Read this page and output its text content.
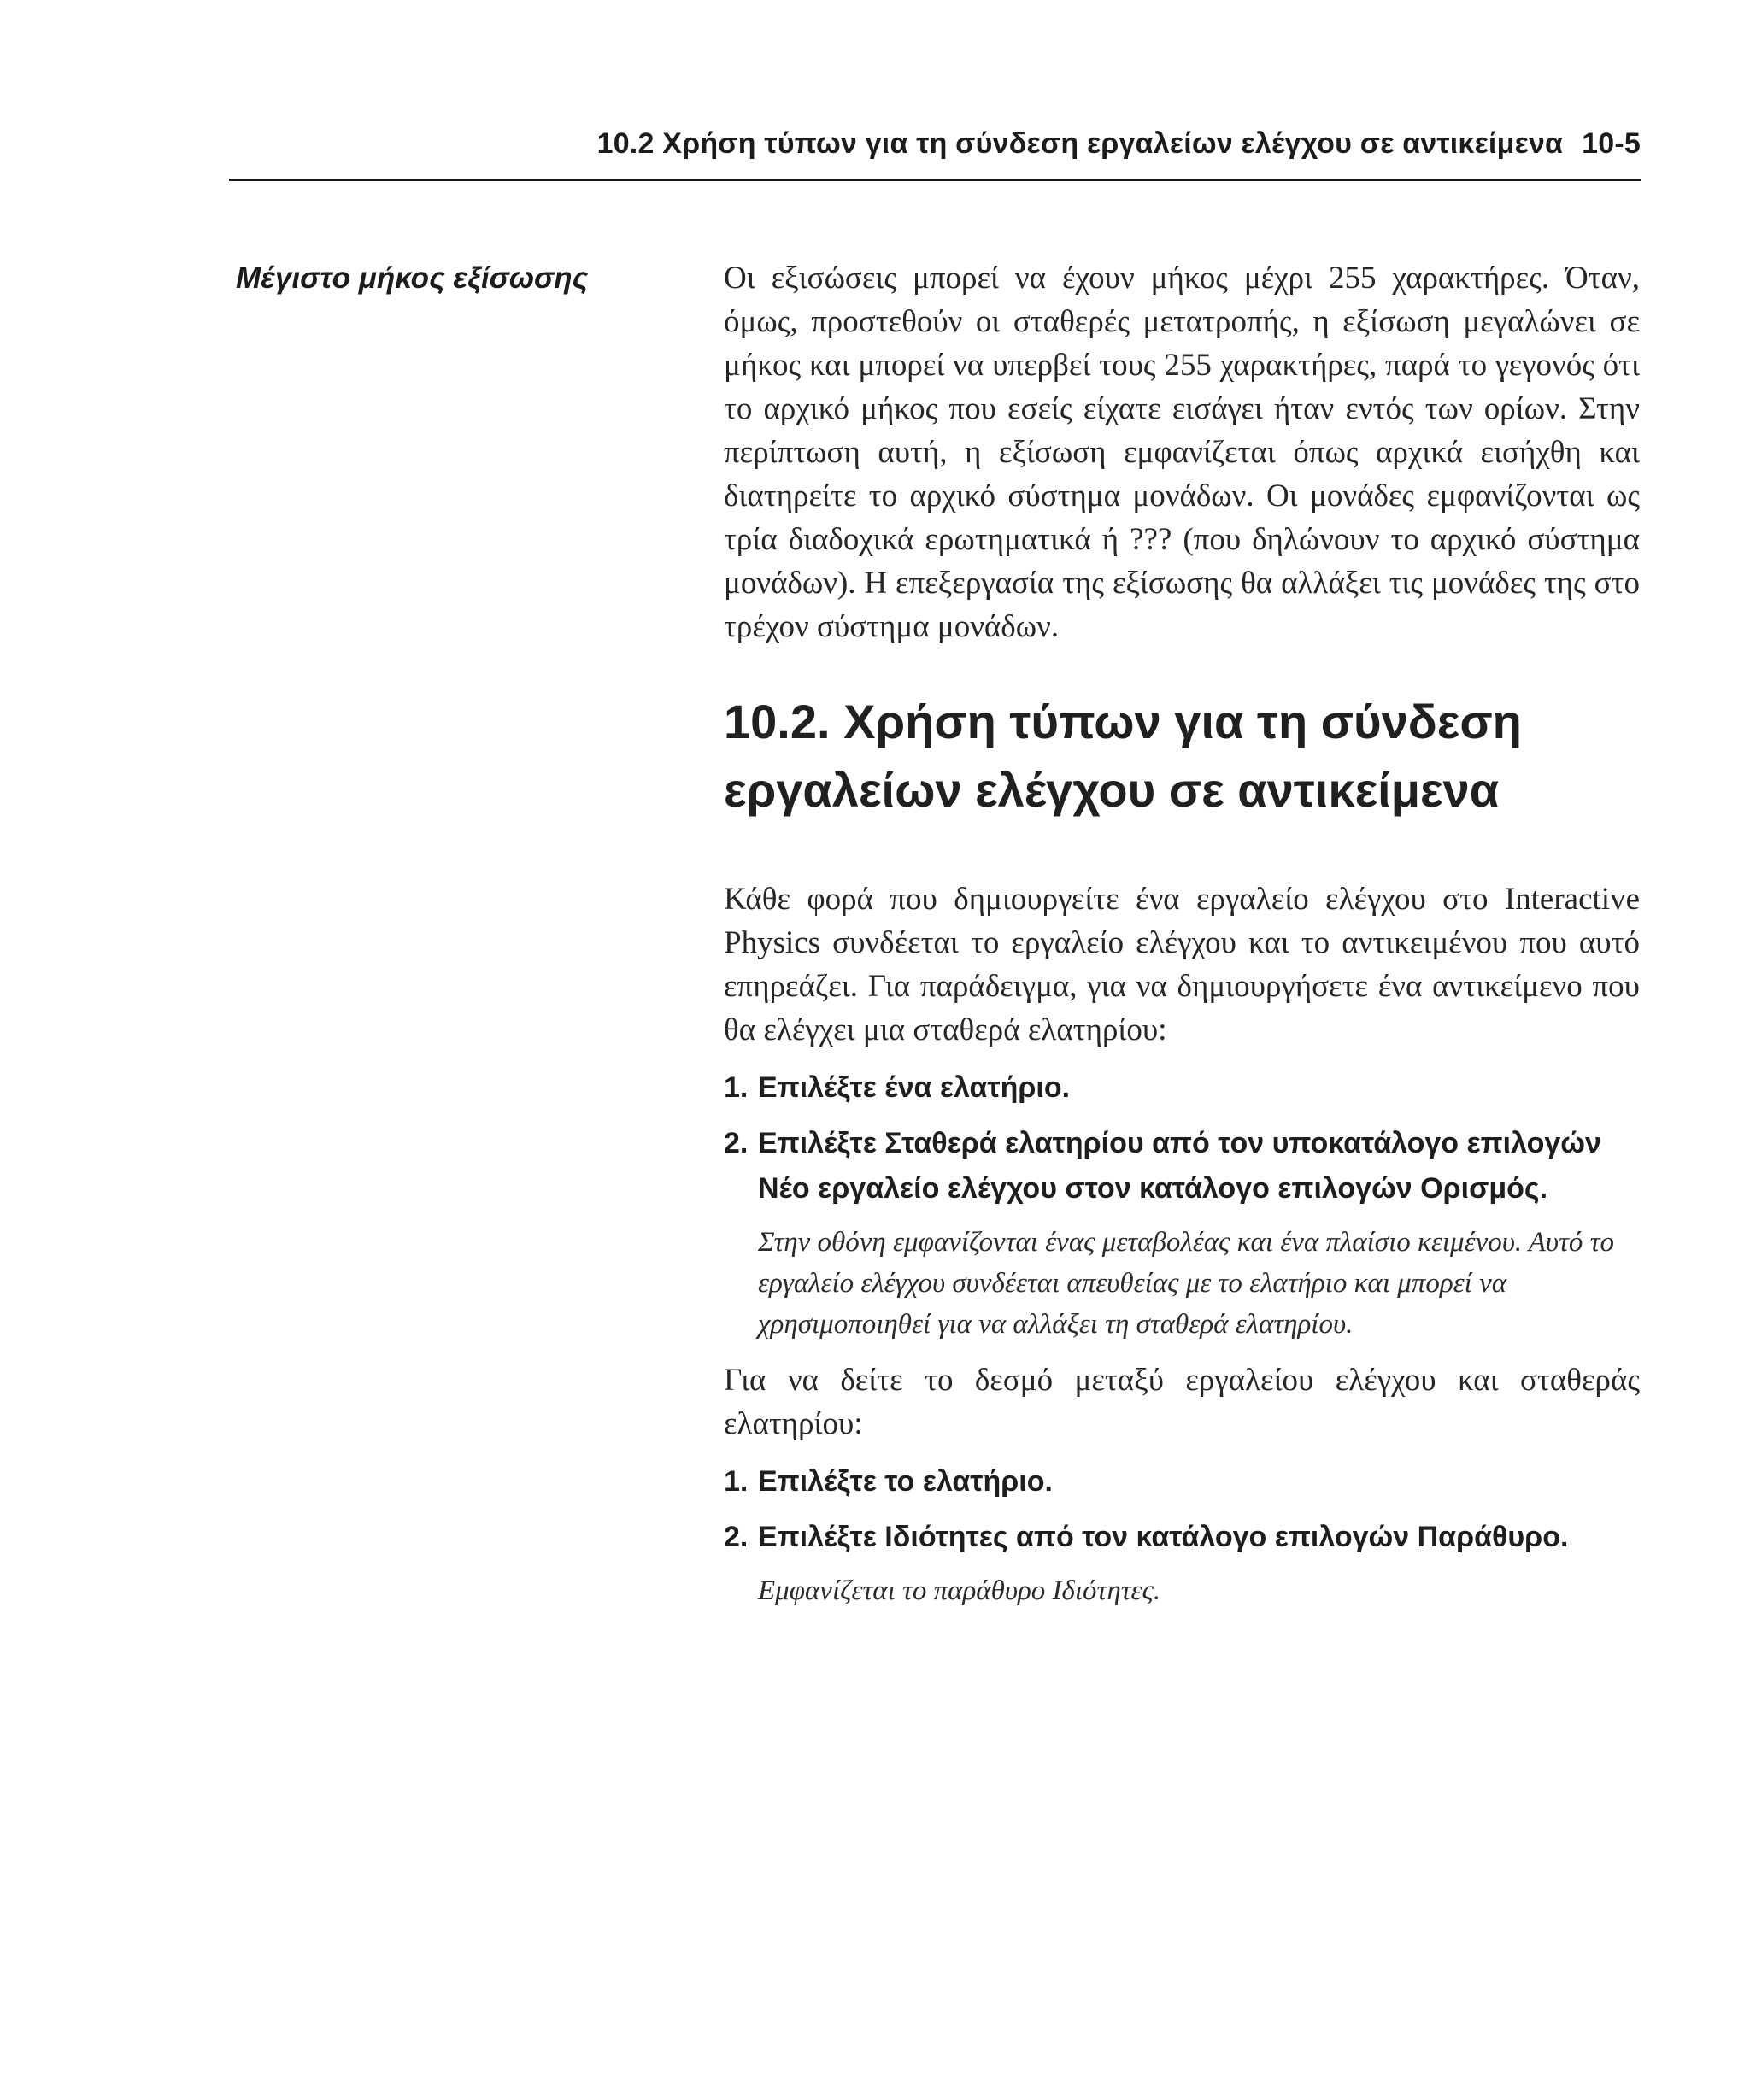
10.2 Χρήση τύπων για τη σύνδεση εργαλείων ελέγχου σε αντικείμενα 10-5
Μέγιστο μήκος εξίσωσης	Οι εξισώσεις μπορεί να έχουν μήκος μέχρι 255 χαρακτήρες. Όταν, όμως, προστεθούν οι σταθερές μετατροπής, η εξίσωση μεγαλώνει σε μήκος και μπορεί να υπερβεί τους 255 χαρακτήρες, παρά το γεγονός ότι το αρχικό μήκος που εσείς είχατε εισάγει ήταν εντός των ορίων. Στην περίπτωση αυτή, η εξίσωση εμφανίζεται όπως αρχικά εισήχθη και διατηρείτε το αρχικό σύστημα μονάδων. Οι μονάδες εμφανίζονται ως τρία διαδοχικά ερωτηματικά ή ??? (που δηλώνουν το αρχικό σύστημα μονάδων). Η επεξεργασία της εξίσωσης θα αλλάξει τις μονάδες της στο τρέχον σύστημα μονάδων.

10.2. Χρήση τύπων για τη σύνδεση
εργαλείων ελέγχου σε αντικείμενα

Κάθε φορά που δημιουργείτε ένα εργαλείο ελέγχου στο Interactive Physics συνδέεται το εργαλείο ελέγχου και το αντικειμένου που αυτό επηρεάζει. Για παράδειγμα, για να δημιουργήσετε ένα αντικείμενο που θα ελέγχει μια σταθερά ελατηρίου:

1. Επιλέξτε ένα ελατήριο.

2. Επιλέξτε Σταθερά ελατηρίου από τον υποκατάλογο επιλογών Νέο εργαλείο ελέγχου στον κατάλογο επιλογών Ορισμός.

Στην οθόνη εμφανίζονται ένας μεταβολέας και ένα πλαίσιο κειμένου. Αυτό το εργαλείο ελέγχου συνδέεται απευθείας με το ελατήριο και μπορεί να χρησιμοποιηθεί για να αλλάξει τη σταθερά ελατηρίου.

Για να δείτε το δεσμό μεταξύ εργαλείου ελέγχου και σταθεράς ελατηρίου:

1. Επιλέξτε το ελατήριο.

2. Επιλέξτε Ιδιότητες από τον κατάλογο επιλογών Παράθυρο.

Εμφανίζεται το παράθυρο Ιδιότητες.
